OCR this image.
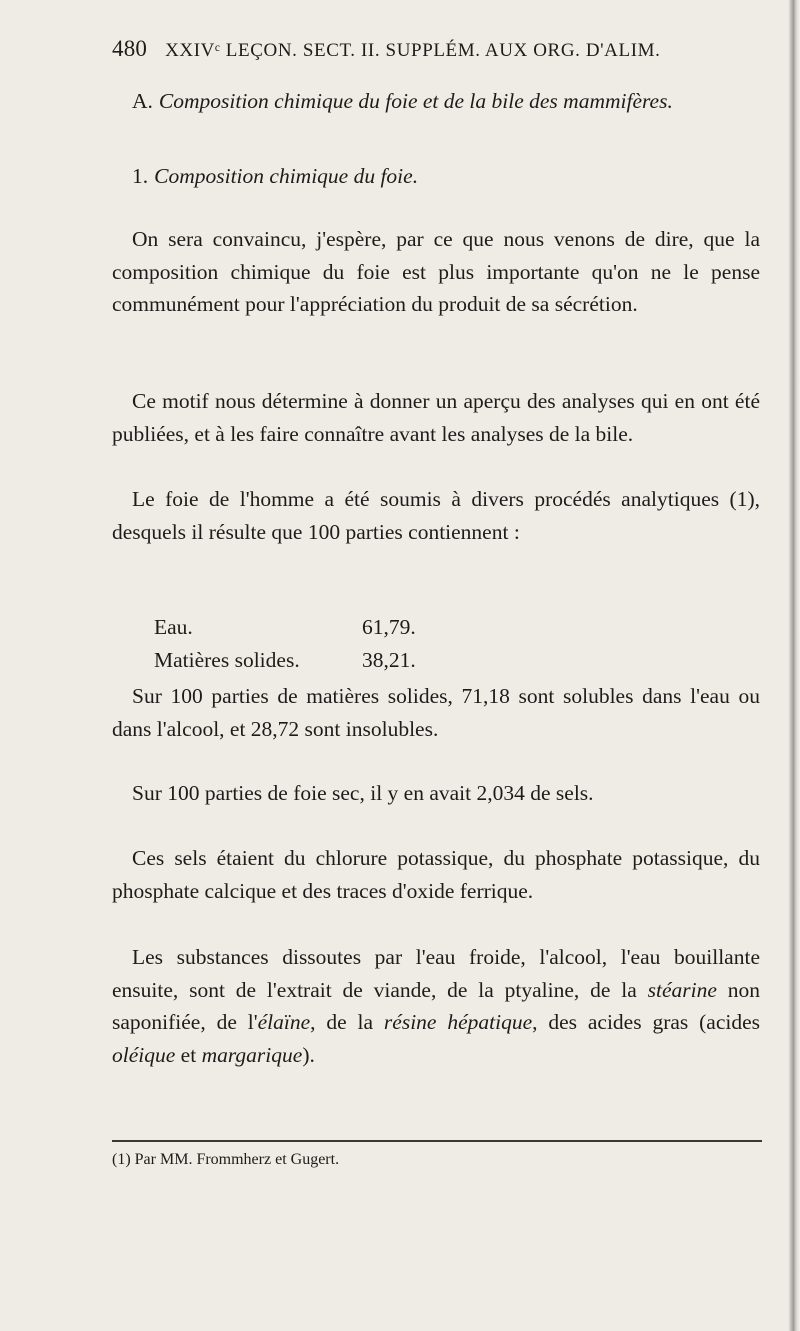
480 XXIVᶜ LEÇON. SECT. II. SUPPLÉM. AUX ORG. D'ALIM.
A. Composition chimique du foie et de la bile des mammifères.
1. Composition chimique du foie.

On sera convaincu, j'espère, par ce que nous venons de dire, que la composition chimique du foie est plus importante qu'on ne le pense communément pour l'appréciation du produit de sa sécrétion.

Ce motif nous détermine à donner un aperçu des analyses qui en ont été publiées, et à les faire connaître avant les analyses de la bile.

Le foie de l'homme a été soumis à divers procédés analytiques (1), desquels il résulte que 100 parties contiennent :

Eau.	61,79.
Matières solides.	38,21.

Sur 100 parties de matières solides, 71,18 sont solubles dans l'eau ou dans l'alcool, et 28,72 sont insolubles.

Sur 100 parties de foie sec, il y en avait 2,034 de sels.

Ces sels étaient du chlorure potassique, du phosphate potassique, du phosphate calcique et des traces d'oxide ferrique.

Les substances dissoutes par l'eau froide, l'alcool, l'eau bouillante ensuite, sont de l'extrait de viande, de la ptyaline, de la stéarine non saponifiée, de l'élaïne, de la résine hépatique, des acides gras (acides oléique et margarique).

(1) Par MM. Frommherz et Gugert.
